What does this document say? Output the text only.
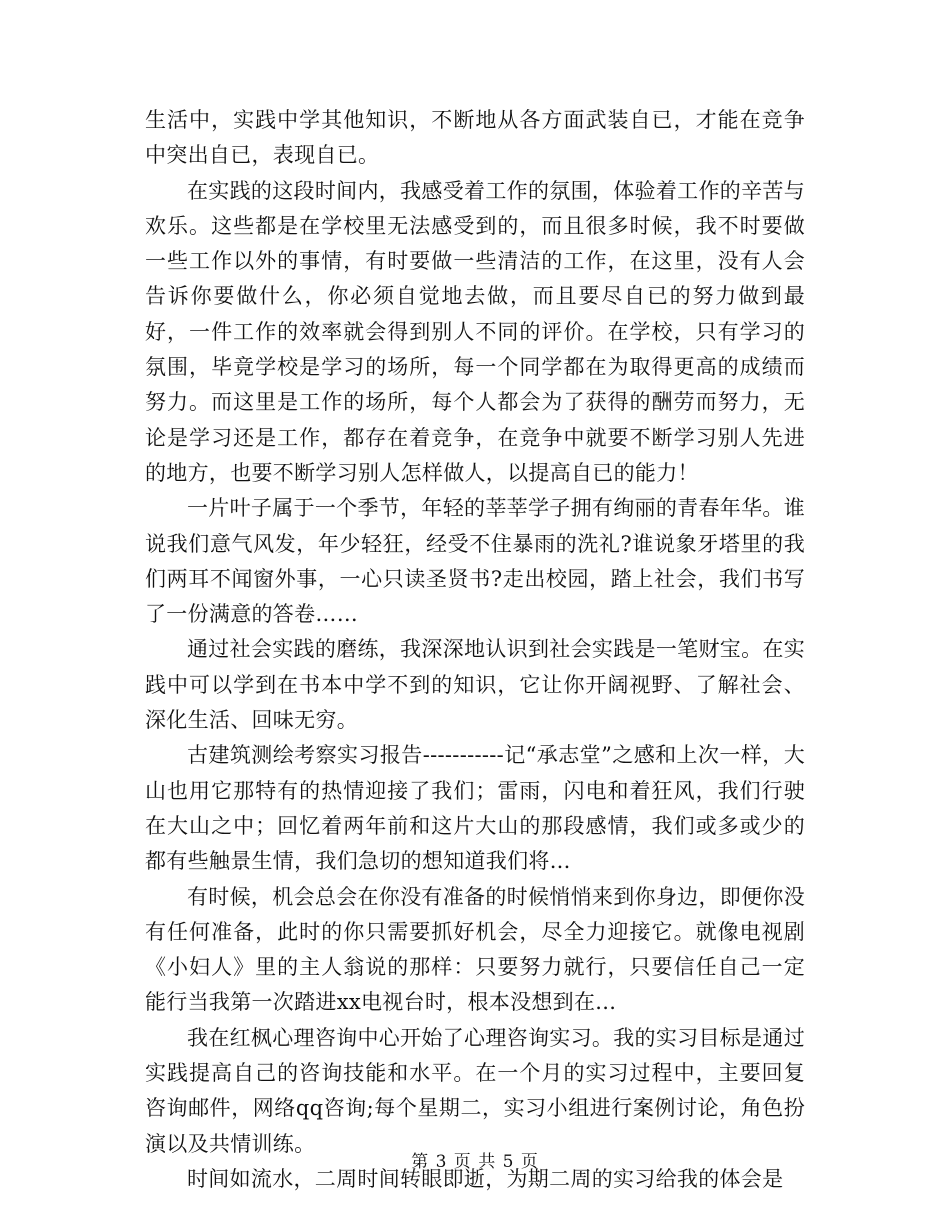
生活中，实践中学其他知识，不断地从各方面武装自已，才能在竞争中突出自已，表现自已。

在实践的这段时间内，我感受着工作的氛围，体验着工作的辛苦与欢乐。这些都是在学校里无法感受到的，而且很多时候，我不时要做一些工作以外的事情，有时要做一些清洁的工作，在这里，没有人会告诉你要做什么，你必须自觉地去做，而且要尽自已的努力做到最好，一件工作的效率就会得到别人不同的评价。在学校，只有学习的氛围，毕竟学校是学习的场所，每一个同学都在为取得更高的成绩而努力。而这里是工作的场所，每个人都会为了获得的酬劳而努力，无论是学习还是工作，都存在着竞争，在竞争中就要不断学习别人先进的地方，也要不断学习别人怎样做人，以提高自已的能力！

一片叶子属于一个季节，年轻的莘莘学子拥有绚丽的青春年华。谁说我们意气风发，年少轻狂，经受不住暴雨的洗礼?谁说象牙塔里的我们两耳不闻窗外事，一心只读圣贤书?走出校园，踏上社会，我们书写了一份满意的答卷……

通过社会实践的磨练，我深深地认识到社会实践是一笔财宝。在实践中可以学到在书本中学不到的知识，它让你开阔视野、了解社会、深化生活、回味无穷。

古建筑测绘考察实习报告-----------记“承志堂”之感和上次一样，大山也用它那特有的热情迎接了我们；雷雨，闪电和着狂风，我们行驶在大山之中；回忆着两年前和这片大山的那段感情，我们或多或少的都有些触景生情，我们急切的想知道我们将...

有时候，机会总会在你没有准备的时候悄悄来到你身边，即便你没有任何准备，此时的你只需要抓好机会，尽全力迎接它。就像电视剧《小妇人》里的主人翁说的那样：只要努力就行，只要信任自己一定能行当我第一次踏进xx电视台时，根本没想到在...

我在红枫心理咨询中心开始了心理咨询实习。我的实习目标是通过实践提高自己的咨询技能和水平。在一个月的实习过程中，主要回复咨询邮件，网络qq咨询;每个星期二，实习小组进行案例讨论，角色扮演以及共情训练。

时间如流水，二周时间转眼即逝，为期二周的实习给我的体会是

第 3 页 共 5 页
